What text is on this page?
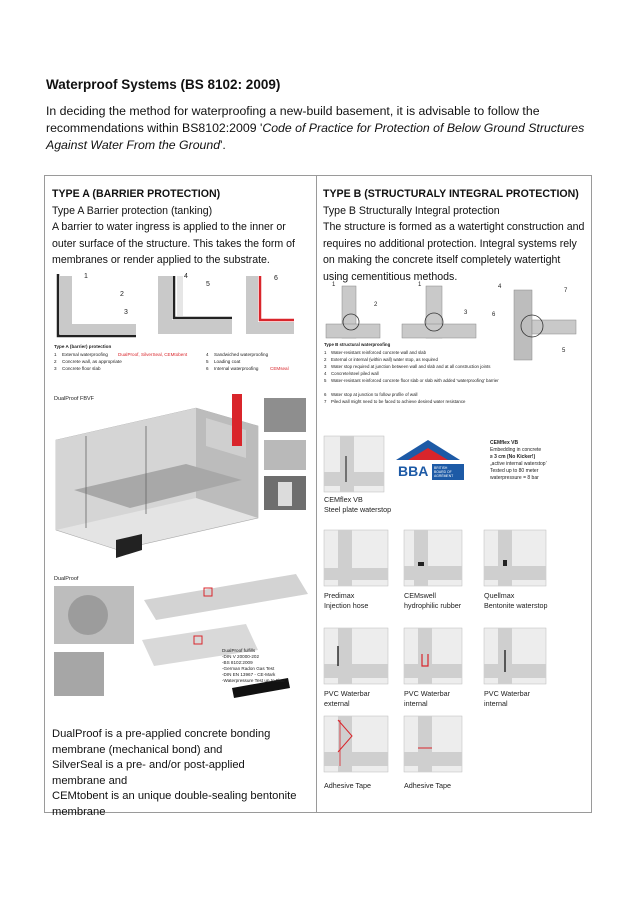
Waterproof Systems (BS 8102: 2009)
In deciding the method for waterproofing a new-build basement, it is advisable to follow the recommendations within BS8102:2009 'Code of Practice for Protection of Below Ground Structures Against Water From the Ground'.
TYPE A (BARRIER PROTECTION)
Type A Barrier protection (tanking)
A barrier to water ingress is applied to the inner or outer surface of the structure. This takes the form of membranes or render applied to the substrate.
TYPE B (STRUCTURALY INTEGRAL PROTECTION)
Type B Structurally Integral protection
The structure is formed as a watertight construction and requires no additional protection. Integral systems rely on making the concrete itself completely watertight using cementitious methods.
1
2
3
4
5
6
Type A (barrier) protection
1 External waterproofing DualProof, SilverSeal, CEMtobent
2 Concrete wall, as appropriate
3 Concrete floor slab
4 Sandwiched waterproofing
5 Loading coat
6 Internal waterproofing	CEMseal
DualProof FBVF
DualProof
DualProof fulfills
-DIN V 20000-202
-BS 8102:2009
-German Radon Gas Test
-DIN EN 13967 - CE-Mark
-Waterpressure Test up to 5bar
DualProof is a pre-applied concrete bonding
membrane (mechanical bond) and
SilverSeal is a pre- and/or post-applied
membrane and
CEMtobent is an unique double-sealing bentonite
membrane
1
2
1
3
4
7
6
5
Type B structural waterproofing
1 Water-resistant reinforced concrete wall and slab
2 External or internal (within wall) water stop, as required
3 Water stop required at junction between wall and slab and at all construction joints
4 Concrete/steel piled wall
5 Water-resistant reinforced concrete floor slab or slab with added 'waterproofing' barrier
6 Water stop at junction to follow profile of wall
7 Piled wall might need to be faced to achieve desired water resistance
BBA BRITISH
BOARD OF
AGRÉMENT
CEMflex VB
Embedding in concrete
≥ 3 cm (No Kicker!)
„active internal waterstop‘
Tested up to 80 meter
waterpressure = 8 bar
CEMflex VB
Steel plate waterstop
Predimax
Injection hose
CEMswell
hydrophilic rubber
Quellmax
Bentonite waterstop
PVC Waterbar
external
PVC Waterbar
internal
PVC Waterbar
internal
Adhesive Tape	Adhesive Tape
